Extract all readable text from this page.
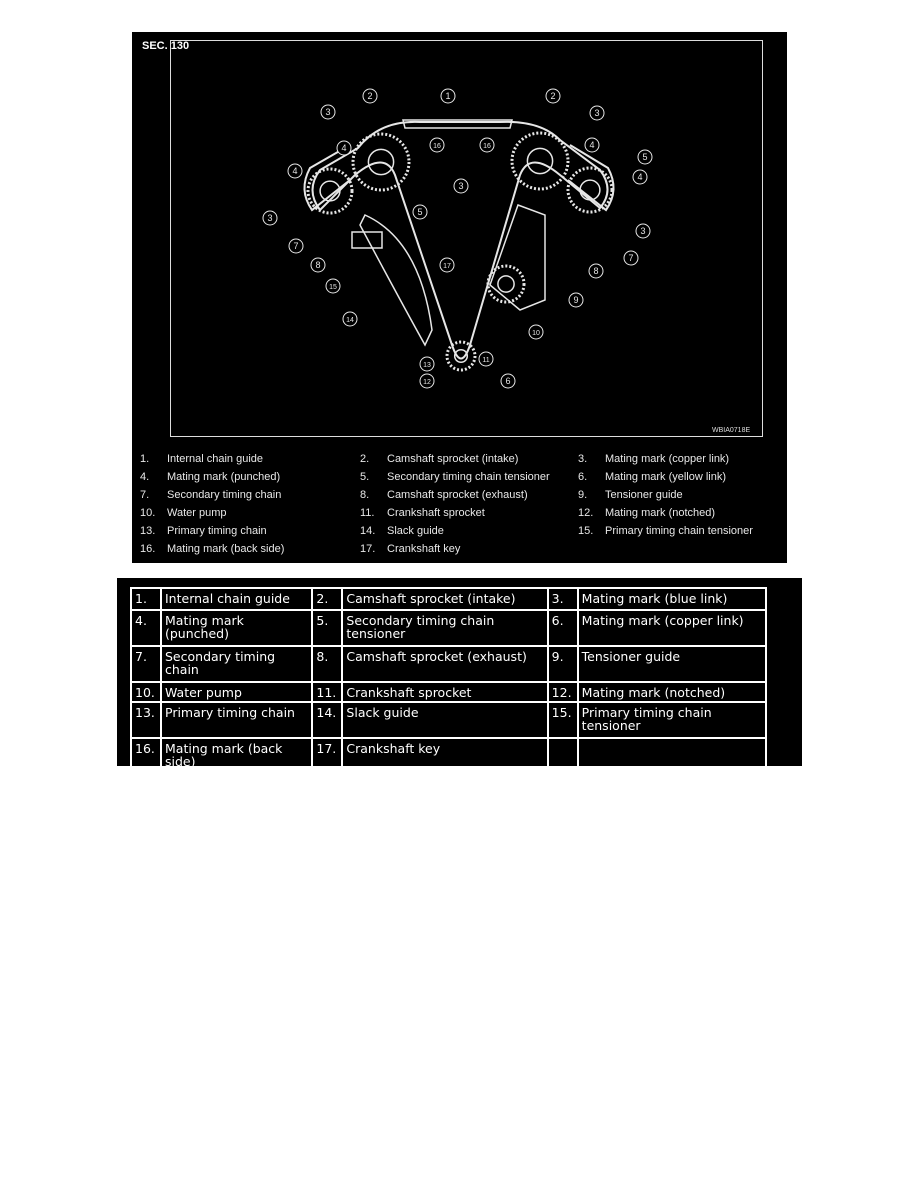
1
2	2
3	3
4	4
16	16
5
3
4
4
3
3
5
7
7
8
8
9
17
15
14
10
13
11
12	6
SEC. 130
WBIA0718E
1. Internal chain guide	2. Camshaft sprocket (intake)	3. Mating mark (copper link)
4. Mating mark (punched)	5. Secondary timing chain tensioner	6. Mating mark (yellow link)
7. Secondary timing chain	8. Camshaft sprocket (exhaust)	9. Tensioner guide
10. Water pump	11. Crankshaft sprocket	12. Mating mark (notched)
13. Primary timing chain	14. Slack guide	15. Primary timing chain tensioner
16. Mating mark (back side)	17. Crankshaft key
1.	Internal chain guide	2.	Camshaft sprocket (intake)	3.	Mating mark (blue link)
4.	Mating mark (punched)	5.	Secondary timing chain tensioner	6.	Mating mark (copper link)
7.	Secondary timing chain	8.	Camshaft sprocket (exhaust)	9.	Tensioner guide
10.	Water pump	11.	Crankshaft sprocket	12.	Mating mark (notched)
13.	Primary timing chain	14.	Slack guide	15.	Primary timing chain tensioner
16.	Mating mark (back side)	17.	Crankshaft key		
